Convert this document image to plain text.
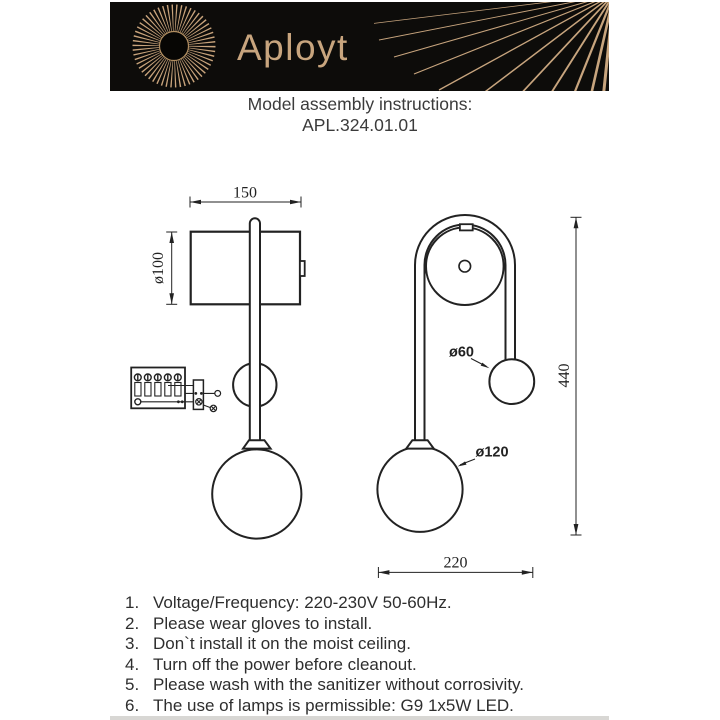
Aployt
Model assembly instructions:
APL.324.01.01
150
ø100
ø60
ø120
440
220
1. Voltage/Frequency: 220-230V 50-60Hz.
2. Please wear gloves to install.
3. Don`t install it on the moist ceiling.
4. Turn off the power before cleanout.
5. Please wash with the sanitizer without corrosivity.
6. The use of lamps is permissible: G9 1x5W LED.
